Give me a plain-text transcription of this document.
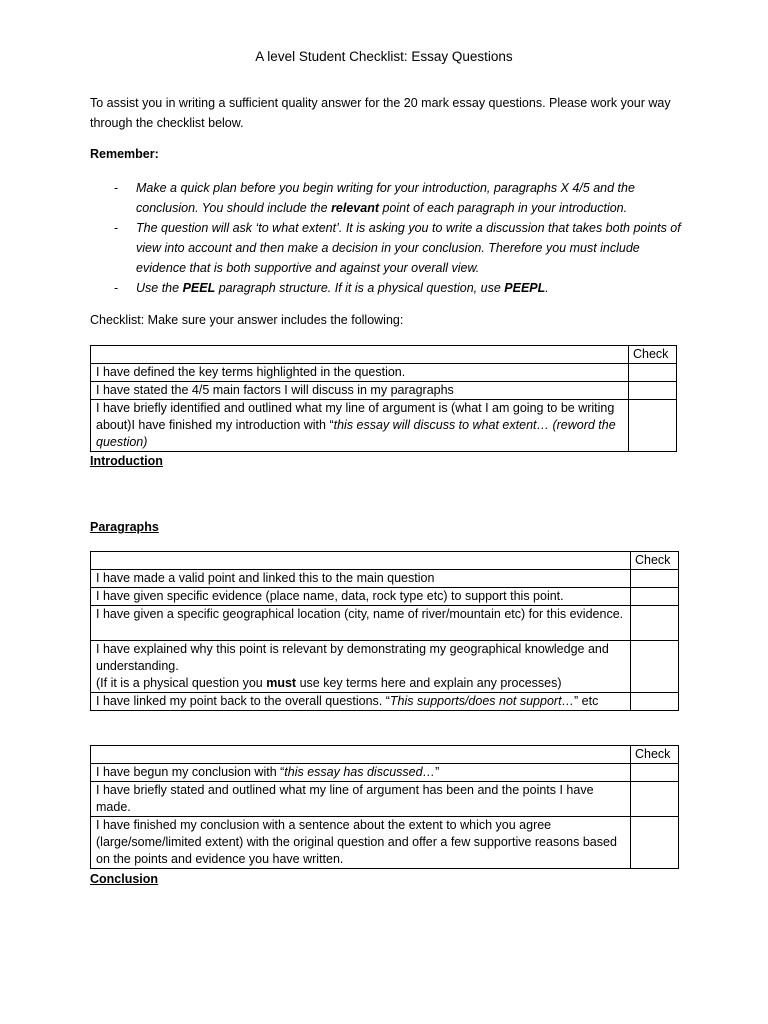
A level Student Checklist: Essay Questions
To assist you in writing a sufficient quality answer for the 20 mark essay questions. Please work your way through the checklist below.
Remember:
- Make a quick plan before you begin writing for your introduction, paragraphs X 4/5 and the conclusion. You should include the relevant point of each paragraph in your introduction.
- The question will ask ‘to what extent’. It is asking you to write a discussion that takes both points of view into account and then make a decision in your conclusion. Therefore you must include evidence that is both supportive and against your overall view.
- Use the PEEL paragraph structure. If it is a physical question, use PEEPL.
Checklist: Make sure your answer includes the following:
	Check
I have defined the key terms highlighted in the question.	
I have stated the 4/5 main factors I will discuss in my paragraphs	
I have briefly identified and outlined what my line of argument is (what I am going to be writing about)I have finished my introduction with “this essay will discuss to what extent… (reword the question)	
Introduction
Paragraphs
	Check
I have made a valid point and linked this to the main question	
I have given specific evidence (place name, data, rock type etc) to support this point.	
I have given a specific geographical location (city, name of river/mountain etc) for this evidence.	
I have explained why this point is relevant by demonstrating my geographical knowledge and understanding.
(If it is a physical question you must use key terms here and explain any processes)	
I have linked my point back to the overall questions. “This supports/does not support…” etc	
	Check
I have begun my conclusion with “this essay has discussed…”	
I have briefly stated and outlined what my line of argument has been and the points I have made.	
I have finished my conclusion with a sentence about the extent to which you agree (large/some/limited extent) with the original question and offer a few supportive reasons based on the points and evidence you have written.	
Conclusion
